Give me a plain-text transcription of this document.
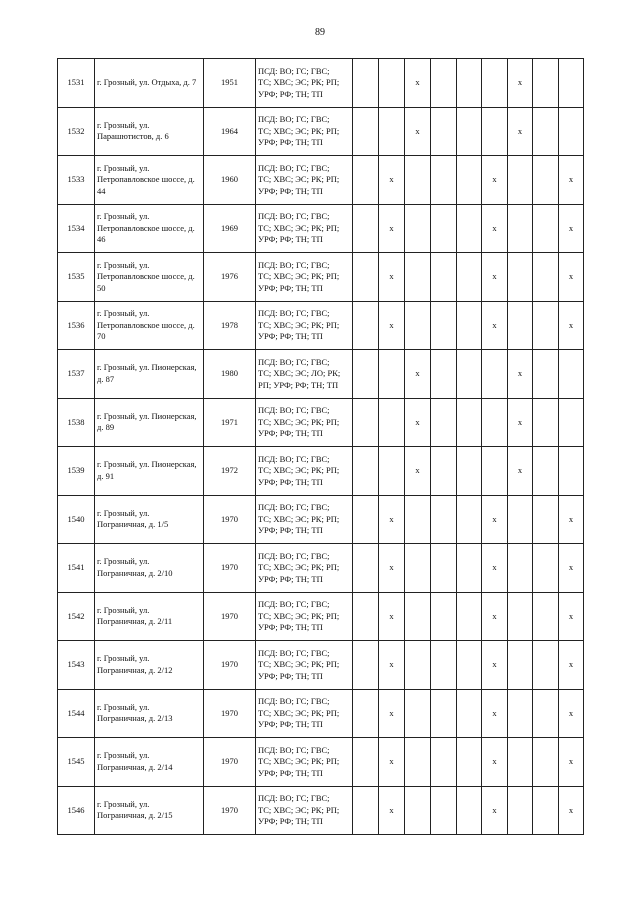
89
1531	г. Грозный, ул. Отдыха, д. 7	1951	ПСД: ВО; ГС; ГВС;
ТС; ХВС; ЭС; РК; РП;
УРФ; РФ; ТН; ТП			x				x		
1532	г. Грозный, ул. Парашютистов, д. 6	1964	ПСД: ВО; ГС; ГВС;
ТС; ХВС; ЭС; РК; РП;
УРФ; РФ; ТН; ТП			x				x		
1533	г. Грозный, ул. Петропавловское шоссе, д. 44	1960	ПСД: ВО; ГС; ГВС;
ТС; ХВС; ЭС; РК; РП;
УРФ; РФ; ТН; ТП		x				x			x
1534	г. Грозный, ул. Петропавловское шоссе, д. 46	1969	ПСД: ВО; ГС; ГВС;
ТС; ХВС; ЭС; РК; РП;
УРФ; РФ; ТН; ТП		x				x			x
1535	г. Грозный, ул. Петропавловское шоссе, д. 50	1976	ПСД: ВО; ГС; ГВС;
ТС; ХВС; ЭС; РК; РП;
УРФ; РФ; ТН; ТП		x				x			x
1536	г. Грозный, ул. Петропавловское шоссе, д. 70	1978	ПСД: ВО; ГС; ГВС;
ТС; ХВС; ЭС; РК; РП;
УРФ; РФ; ТН; ТП		x				x			x
1537	г. Грозный, ул. Пионерская, д. 87	1980	ПСД: ВО; ГС; ГВС;
ТС; ХВС; ЭС; ЛО; РК;
РП; УРФ; РФ; ТН; ТП			x				x		
1538	г. Грозный, ул. Пионерская, д. 89	1971	ПСД: ВО; ГС; ГВС;
ТС; ХВС; ЭС; РК; РП;
УРФ; РФ; ТН; ТП			x				x		
1539	г. Грозный, ул. Пионерская, д. 91	1972	ПСД: ВО; ГС; ГВС;
ТС; ХВС; ЭС; РК; РП;
УРФ; РФ; ТН; ТП			x				x		
1540	г. Грозный, ул. Пограничная, д. 1/5	1970	ПСД: ВО; ГС; ГВС;
ТС; ХВС; ЭС; РК; РП;
УРФ; РФ; ТН; ТП		x				x			x
1541	г. Грозный, ул. Пограничная, д. 2/10	1970	ПСД: ВО; ГС; ГВС;
ТС; ХВС; ЭС; РК; РП;
УРФ; РФ; ТН; ТП		x				x			x
1542	г. Грозный, ул. Пограничная, д. 2/11	1970	ПСД: ВО; ГС; ГВС;
ТС; ХВС; ЭС; РК; РП;
УРФ; РФ; ТН; ТП		x				x			x
1543	г. Грозный, ул. Пограничная, д. 2/12	1970	ПСД: ВО; ГС; ГВС;
ТС; ХВС; ЭС; РК; РП;
УРФ; РФ; ТН; ТП		x				x			x
1544	г. Грозный, ул. Пограничная, д. 2/13	1970	ПСД: ВО; ГС; ГВС;
ТС; ХВС; ЭС; РК; РП;
УРФ; РФ; ТН; ТП		x				x			x
1545	г. Грозный, ул. Пограничная, д. 2/14	1970	ПСД: ВО; ГС; ГВС;
ТС; ХВС; ЭС; РК; РП;
УРФ; РФ; ТН; ТП		x				x			x
1546	г. Грозный, ул. Пограничная, д. 2/15	1970	ПСД: ВО; ГС; ГВС;
ТС; ХВС; ЭС; РК; РП;
УРФ; РФ; ТН; ТП		x				x			x
